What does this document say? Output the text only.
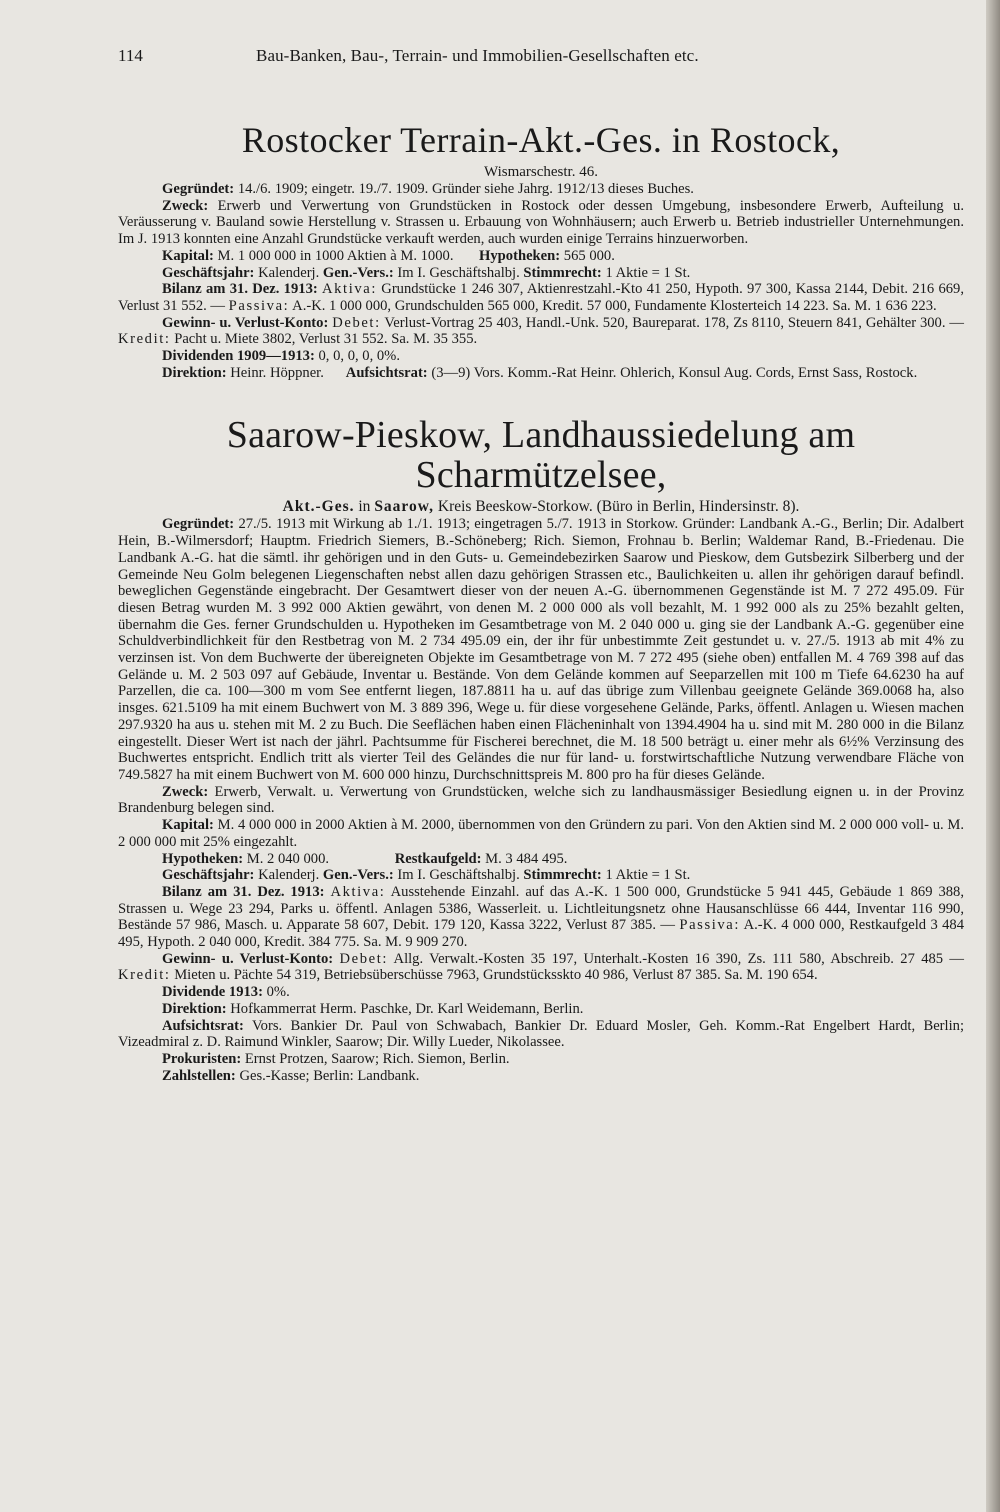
114	Bau-Banken, Bau-, Terrain- und Immobilien-Gesellschaften etc.
Rostocker Terrain-Akt.-Ges. in Rostock,
Wismarschestr. 46.

Gegründet: 14./6. 1909; eingetr. 19./7. 1909. Gründer siehe Jahrg. 1912/13 dieses Buches.

Zweck: Erwerb und Verwertung von Grundstücken in Rostock oder dessen Umgebung, insbesondere Erwerb, Aufteilung u. Veräusserung v. Bauland sowie Herstellung v. Strassen u. Erbauung von Wohnhäusern; auch Erwerb u. Betrieb industrieller Unternehmungen. Im J. 1913 konnten eine Anzahl Grundstücke verkauft werden, auch wurden einige Terrains hinzuerworben.

Kapital: M. 1 000 000 in 1000 Aktien à M. 1000. Hypotheken: 565 000.

Geschäftsjahr: Kalenderj. Gen.-Vers.: Im I. Geschäftshalbj. Stimmrecht: 1 Aktie = 1 St.

Bilanz am 31. Dez. 1913: Aktiva: Grundstücke 1 246 307, Aktienrestzahl.-Kto 41 250, Hypoth. 97 300, Kassa 2144, Debit. 216 669, Verlust 31 552. — Passiva: A.-K. 1 000 000, Grundschulden 565 000, Kredit. 57 000, Fundamente Klosterteich 14 223. Sa. M. 1 636 223.

Gewinn- u. Verlust-Konto: Debet: Verlust-Vortrag 25 403, Handl.-Unk. 520, Baureparat. 178, Zs 8110, Steuern 841, Gehälter 300. — Kredit: Pacht u. Miete 3802, Verlust 31 552. Sa. M. 35 355.

Dividenden 1909—1913: 0, 0, 0, 0, 0%.

Direktion: Heinr. Höppner. Aufsichtsrat: (3—9) Vors. Komm.-Rat Heinr. Ohlerich, Konsul Aug. Cords, Ernst Sass, Rostock.

Saarow-Pieskow, Landhaussiedelung am Scharmützelsee,
Akt.-Ges. in Saarow, Kreis Beeskow-Storkow. (Büro in Berlin, Hindersinstr. 8).

Gegründet: 27./5. 1913 mit Wirkung ab 1./1. 1913; eingetragen 5./7. 1913 in Storkow. Gründer: Landbank A.-G., Berlin; Dir. Adalbert Hein, B.-Wilmersdorf; Hauptm. Friedrich Siemers, B.-Schöneberg; Rich. Siemon, Frohnau b. Berlin; Waldemar Rand, B.-Friedenau. Die Landbank A.-G. hat die sämtl. ihr gehörigen und in den Guts- u. Gemeindebezirken Saarow und Pieskow, dem Gutsbezirk Silberberg und der Gemeinde Neu Golm belegenen Liegenschaften nebst allen dazu gehörigen Strassen etc., Baulichkeiten u. allen ihr gehörigen darauf befindl. beweglichen Gegenstände eingebracht. Der Gesamtwert dieser von der neuen A.-G. übernommenen Gegenstände ist M. 7 272 495.09. Für diesen Betrag wurden M. 3 992 000 Aktien gewährt, von denen M. 2 000 000 als voll bezahlt, M. 1 992 000 als zu 25% bezahlt gelten, übernahm die Ges. ferner Grundschulden u. Hypotheken im Gesamtbetrage von M. 2 040 000 u. ging sie der Landbank A.-G. gegenüber eine Schuldverbindlichkeit für den Restbetrag von M. 2 734 495.09 ein, der ihr für unbestimmte Zeit gestundet u. v. 27./5. 1913 ab mit 4% zu verzinsen ist. Von dem Buchwerte der übereigneten Objekte im Gesamtbetrage von M. 7 272 495 (siehe oben) entfallen M. 4 769 398 auf das Gelände u. M. 2 503 097 auf Gebäude, Inventar u. Bestände. Von dem Gelände kommen auf Seeparzellen mit 100 m Tiefe 64.6230 ha auf Parzellen, die ca. 100—300 m vom See entfernt liegen, 187.8811 ha u. auf das übrige zum Villenbau geeignete Gelände 369.0068 ha, also insges. 621.5109 ha mit einem Buchwert von M. 3 889 396, Wege u. für diese vorgesehene Gelände, Parks, öffentl. Anlagen u. Wiesen machen 297.9320 ha aus u. stehen mit M. 2 zu Buch. Die Seeflächen haben einen Flächeninhalt von 1394.4904 ha u. sind mit M. 280 000 in die Bilanz eingestellt. Dieser Wert ist nach der jährl. Pachtsumme für Fischerei berechnet, die M. 18 500 beträgt u. einer mehr als 6½% Verzinsung des Buchwertes entspricht. Endlich tritt als vierter Teil des Geländes die nur für land- u. forstwirtschaftliche Nutzung verwendbare Fläche von 749.5827 ha mit einem Buchwert von M. 600 000 hinzu, Durchschnittspreis M. 800 pro ha für dieses Gelände.

Zweck: Erwerb, Verwalt. u. Verwertung von Grundstücken, welche sich zu landhausmässiger Besiedlung eignen u. in der Provinz Brandenburg belegen sind.

Kapital: M. 4 000 000 in 2000 Aktien à M. 2000, übernommen von den Gründern zu pari. Von den Aktien sind M. 2 000 000 voll- u. M. 2 000 000 mit 25% eingezahlt.

Hypotheken: M. 2 040 000.	Restkaufgeld: M. 3 484 495.

Geschäftsjahr: Kalenderj. Gen.-Vers.: Im I. Geschäftshalbj. Stimmrecht: 1 Aktie = 1 St.

Bilanz am 31. Dez. 1913: Aktiva: Ausstehende Einzahl. auf das A.-K. 1 500 000, Grundstücke 5 941 445, Gebäude 1 869 388, Strassen u. Wege 23 294, Parks u. öffentl. Anlagen 5386, Wasserleit. u. Lichtleitungsnetz ohne Hausanschlüsse 66 444, Inventar 116 990, Bestände 57 986, Masch. u. Apparate 58 607, Debit. 179 120, Kassa 3222, Verlust 87 385. — Passiva: A.-K. 4 000 000, Restkaufgeld 3 484 495, Hypoth. 2 040 000, Kredit. 384 775. Sa. M. 9 909 270.

Gewinn- u. Verlust-Konto: Debet: Allg. Verwalt.-Kosten 35 197, Unterhalt.-Kosten 16 390, Zs. 111 580, Abschreib. 27 485 — Kredit: Mieten u. Pächte 54 319, Betriebsüberschüsse 7963, Grundstücksskto 40 986, Verlust 87 385. Sa. M. 190 654.

Dividende 1913: 0%.

Direktion: Hofkammerrat Herm. Paschke, Dr. Karl Weidemann, Berlin.

Aufsichtsrat: Vors. Bankier Dr. Paul von Schwabach, Bankier Dr. Eduard Mosler, Geh. Komm.-Rat Engelbert Hardt, Berlin; Vizeadmiral z. D. Raimund Winkler, Saarow; Dir. Willy Lueder, Nikolassee.

Prokuristen: Ernst Protzen, Saarow; Rich. Siemon, Berlin.

Zahlstellen: Ges.-Kasse; Berlin: Landbank.
